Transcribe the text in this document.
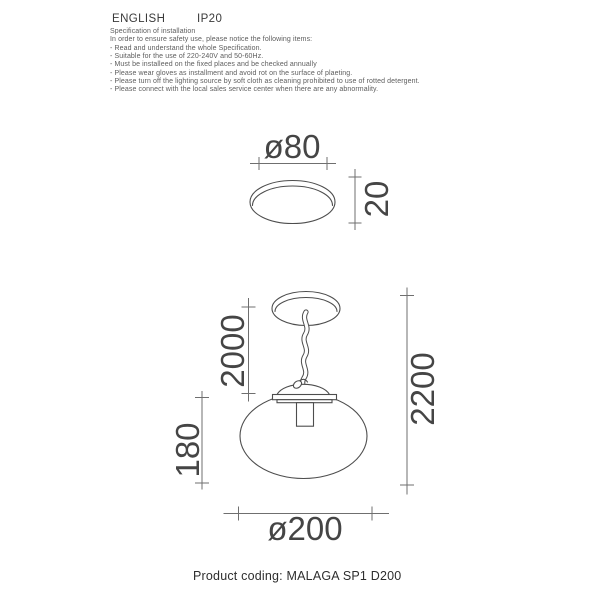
ENGLISH	IP20
Specification of installation
In order to ensure safety use, please notice the following items:
- Read and understand the whole Specification.
- Suitable for the use of 220-240V and 50-60Hz.
- Must be installeed on the fixed places and be checked annually
- Please wear gloves as installment and avoid rot on the surface of plaeting.
- Please turn off the lighting source by soft cloth as cleaning prohibited to use of rotted detergent.
- Please connect with the local sales service center when there are any abnormality.
ø80
20
2000
180
2200
ø200
Product coding: MALAGA SP1 D200
